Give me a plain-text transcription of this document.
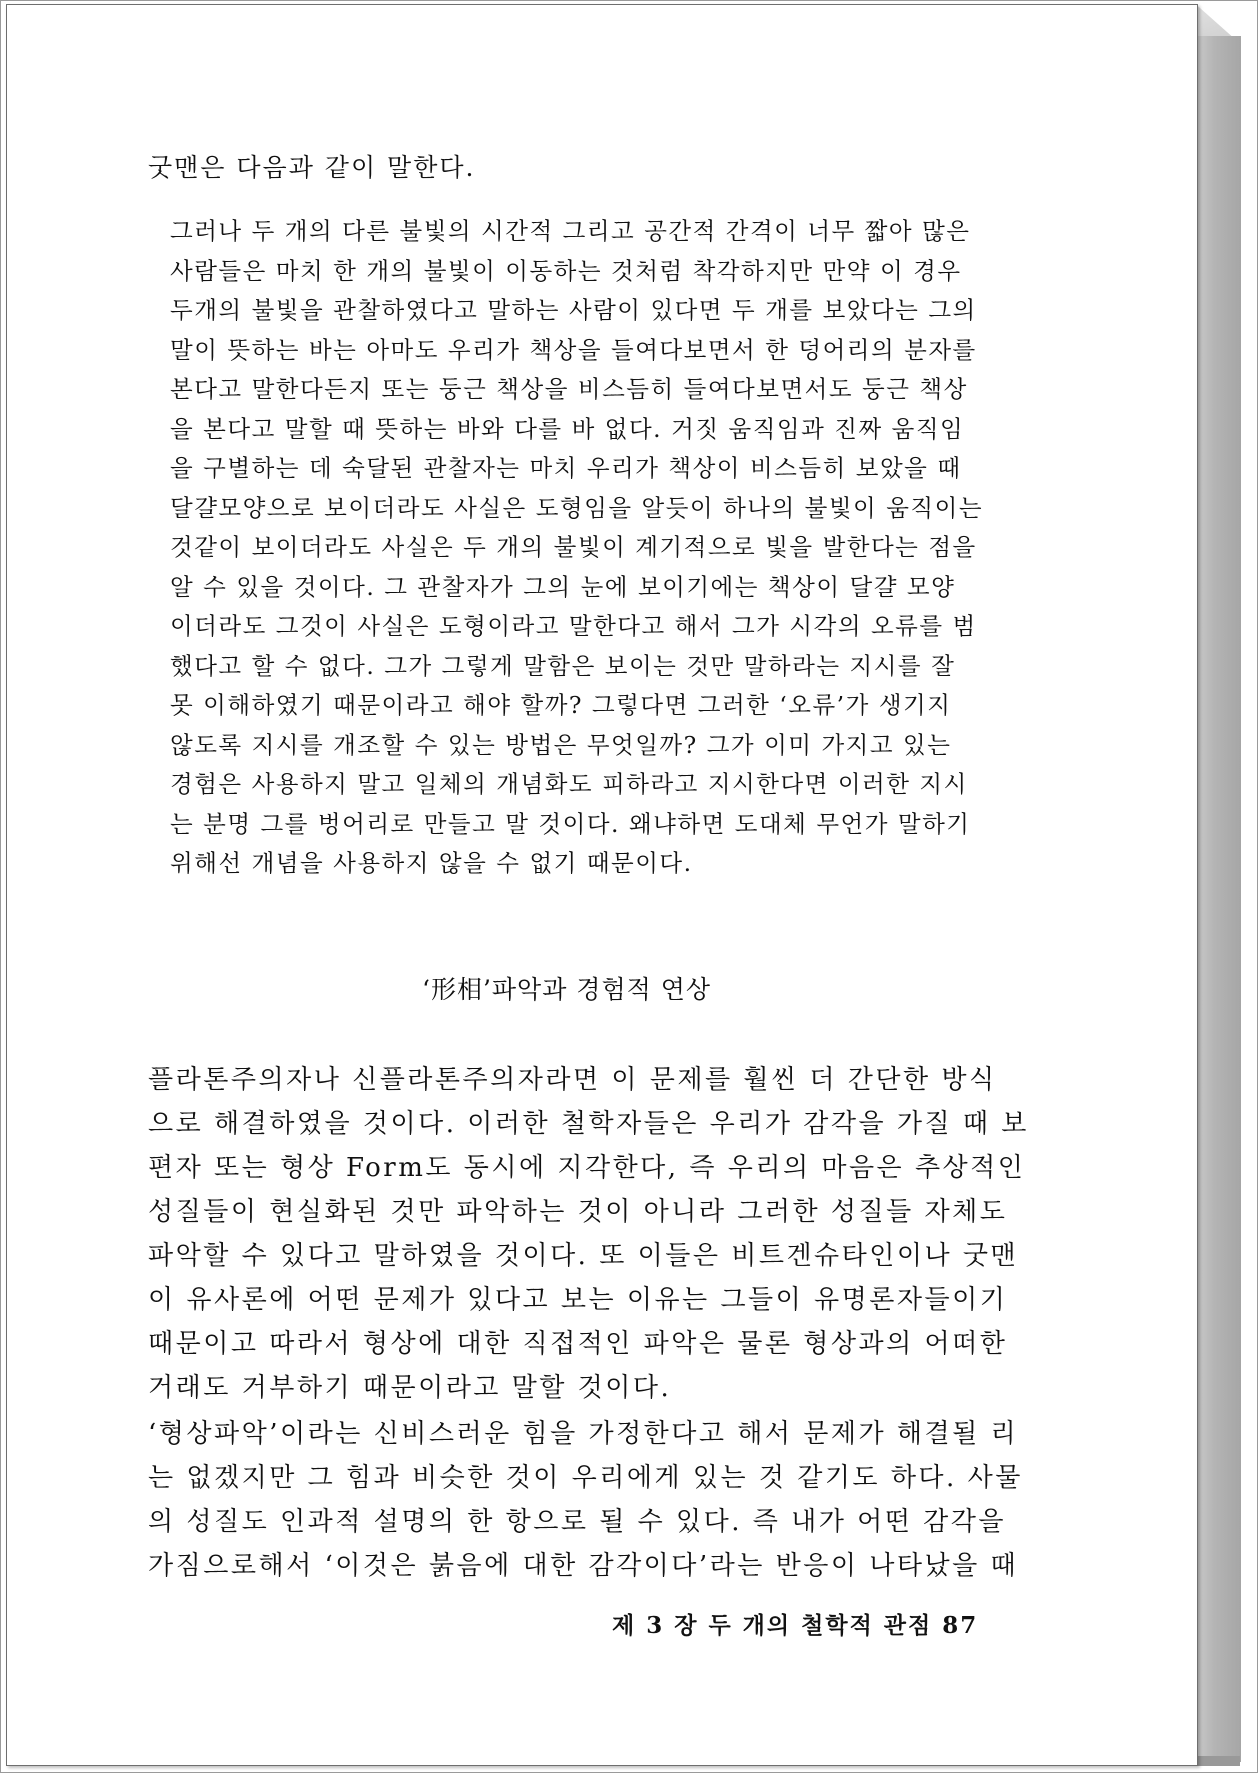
굿맨은 다음과 같이 말한다.

그러나 두 개의 다른 불빛의 시간적 그리고 공간적 간격이 너무 짧아 많은
사람들은 마치 한 개의 불빛이 이동하는 것처럼 착각하지만 만약 이 경우
두개의 불빛을 관찰하였다고 말하는 사람이 있다면 두 개를 보았다는 그의
말이 뜻하는 바는 아마도 우리가 책상을 들여다보면서 한 덩어리의 분자를
본다고 말한다든지 또는 둥근 책상을 비스듬히 들여다보면서도 둥근 책상
을 본다고 말할 때 뜻하는 바와 다를 바 없다. 거짓 움직임과 진짜 움직임
을 구별하는 데 숙달된 관찰자는 마치 우리가 책상이 비스듬히 보았을 때
달걀모양으로 보이더라도 사실은 도형임을 알듯이 하나의 불빛이 움직이는
것같이 보이더라도 사실은 두 개의 불빛이 계기적으로 빛을 발한다는 점을
알 수 있을 것이다. 그 관찰자가 그의 눈에 보이기에는 책상이 달걀 모양
이더라도 그것이 사실은 도형이라고 말한다고 해서 그가 시각의 오류를 범
했다고 할 수 없다. 그가 그렇게 말함은 보이는 것만 말하라는 지시를 잘
못 이해하였기 때문이라고 해야 할까? 그렇다면 그러한 ‘오류’가 생기지
않도록 지시를 개조할 수 있는 방법은 무엇일까? 그가 이미 가지고 있는
경험은 사용하지 말고 일체의 개념화도 피하라고 지시한다면 이러한 지시
는 분명 그를 벙어리로 만들고 말 것이다. 왜냐하면 도대체 무언가 말하기
위해선 개념을 사용하지 않을 수 없기 때문이다.
‘形相’파악과 경험적 연상
플라톤주의자나 신플라톤주의자라면 이 문제를 훨씬 더 간단한 방식
으로 해결하였을 것이다. 이러한 철학자들은 우리가 감각을 가질 때 보
편자 또는 형상 Form도 동시에 지각한다, 즉 우리의 마음은 추상적인
성질들이 현실화된 것만 파악하는 것이 아니라 그러한 성질들 자체도
파악할 수 있다고 말하였을 것이다. 또 이들은 비트겐슈타인이나 굿맨
이 유사론에 어떤 문제가 있다고 보는 이유는 그들이 유명론자들이기
때문이고 따라서 형상에 대한 직접적인 파악은 물론 형상과의 어떠한
거래도 거부하기 때문이라고 말할 것이다.
‘형상파악’이라는 신비스러운 힘을 가정한다고 해서 문제가 해결될 리
는 없겠지만 그 힘과 비슷한 것이 우리에게 있는 것 같기도 하다. 사물
의 성질도 인과적 설명의 한 항으로 될 수 있다. 즉 내가 어떤 감각을
가짐으로해서 ‘이것은 붉음에 대한 감각이다’라는 반응이 나타났을 때

제 3 장 두 개의 철학적 관점 87
